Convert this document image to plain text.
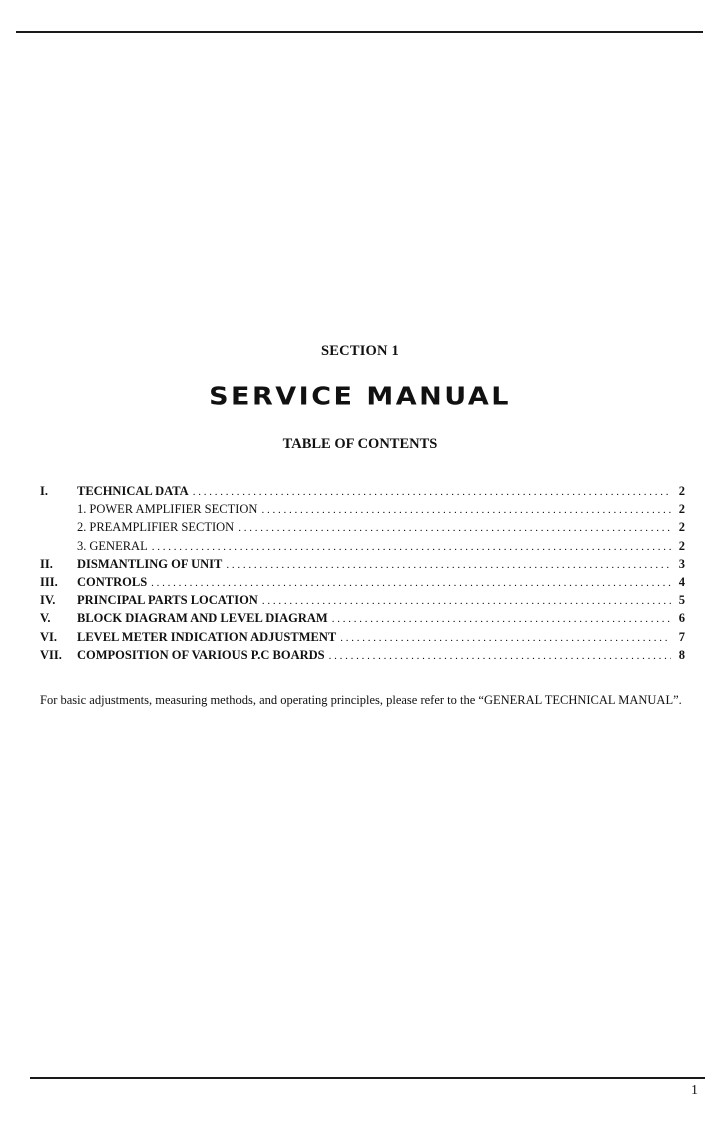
SECTION 1
SERVICE MANUAL
TABLE OF CONTENTS
I.	TECHNICAL DATA . . .	2
1. POWER AMPLIFIER SECTION . . .	2
2. PREAMPLIFIER SECTION . . .	2
3. GENERAL . . .	2
II.	DISMANTLING OF UNIT . . .	3
III.	CONTROLS . . .	4
IV.	PRINCIPAL PARTS LOCATION . . .	5
V.	BLOCK DIAGRAM AND LEVEL DIAGRAM . . .	6
VI.	LEVEL METER INDICATION ADJUSTMENT . . .	7
VII.	COMPOSITION OF VARIOUS P.C BOARDS . . .	8
For basic adjustments, measuring methods, and operating principles, please refer to the “GENERAL TECHNICAL MANUAL”.
1
